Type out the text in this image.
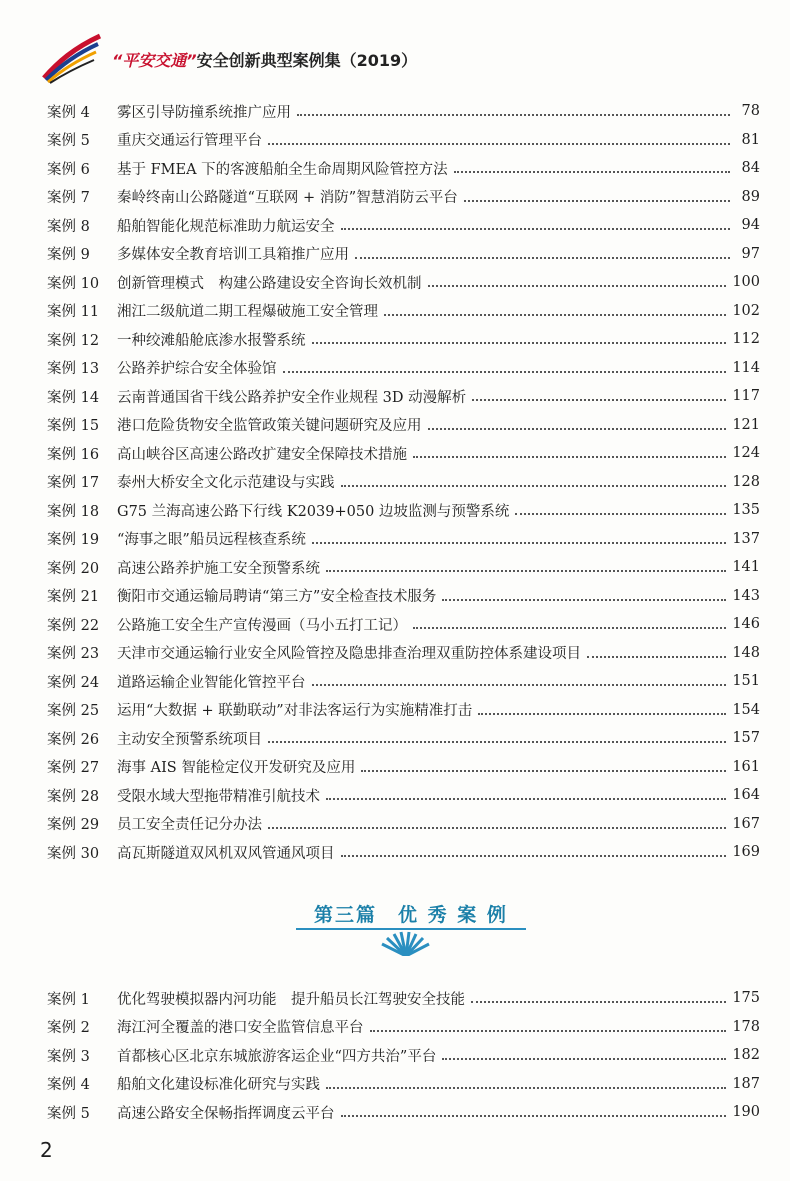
“平安交通”安全创新典型案例集（2019）
案例 4	雾区引导防撞系统推广应用	78
案例 5	重庆交通运行管理平台	81
案例 6	基于 FMEA 下的客渡船舶全生命周期风险管控方法	84
案例 7	秦岭终南山公路隧道“互联网 + 消防”智慧消防云平台	89
案例 8	船舶智能化规范标准助力航运安全	94
案例 9	多媒体安全教育培训工具箱推广应用	97
案例 10	创新管理模式　构建公路建设安全咨询长效机制	100
案例 11	湘江二级航道二期工程爆破施工安全管理	102
案例 12	一种绞滩船舱底渗水报警系统	112
案例 13	公路养护综合安全体验馆	114
案例 14	云南普通国省干线公路养护安全作业规程 3D 动漫解析	117
案例 15	港口危险货物安全监管政策关键问题研究及应用	121
案例 16	高山峡谷区高速公路改扩建安全保障技术措施	124
案例 17	泰州大桥安全文化示范建设与实践	128
案例 18	G75 兰海高速公路下行线 K2039+050 边坡监测与预警系统	135
案例 19	“海事之眼”船员远程核查系统	137
案例 20	高速公路养护施工安全预警系统	141
案例 21	衡阳市交通运输局聘请“第三方”安全检查技术服务	143
案例 22	公路施工安全生产宣传漫画（马小五打工记）	146
案例 23	天津市交通运输行业安全风险管控及隐患排查治理双重防控体系建设项目	148
案例 24	道路运输企业智能化管控平台	151
案例 25	运用“大数据 + 联勤联动”对非法客运行为实施精准打击	154
案例 26	主动安全预警系统项目	157
案例 27	海事 AIS 智能检定仪开发研究及应用	161
案例 28	受限水域大型拖带精准引航技术	164
案例 29	员工安全责任记分办法	167
案例 30	高瓦斯隧道双风机双风管通风项目	169
第三篇　优 秀 案 例
案例 1	优化驾驶模拟器内河功能　提升船员长江驾驶安全技能	175
案例 2	海江河全覆盖的港口安全监管信息平台	178
案例 3	首都核心区北京东城旅游客运企业“四方共治”平台	182
案例 4	船舶文化建设标准化研究与实践	187
案例 5	高速公路安全保畅指挥调度云平台	190
2
